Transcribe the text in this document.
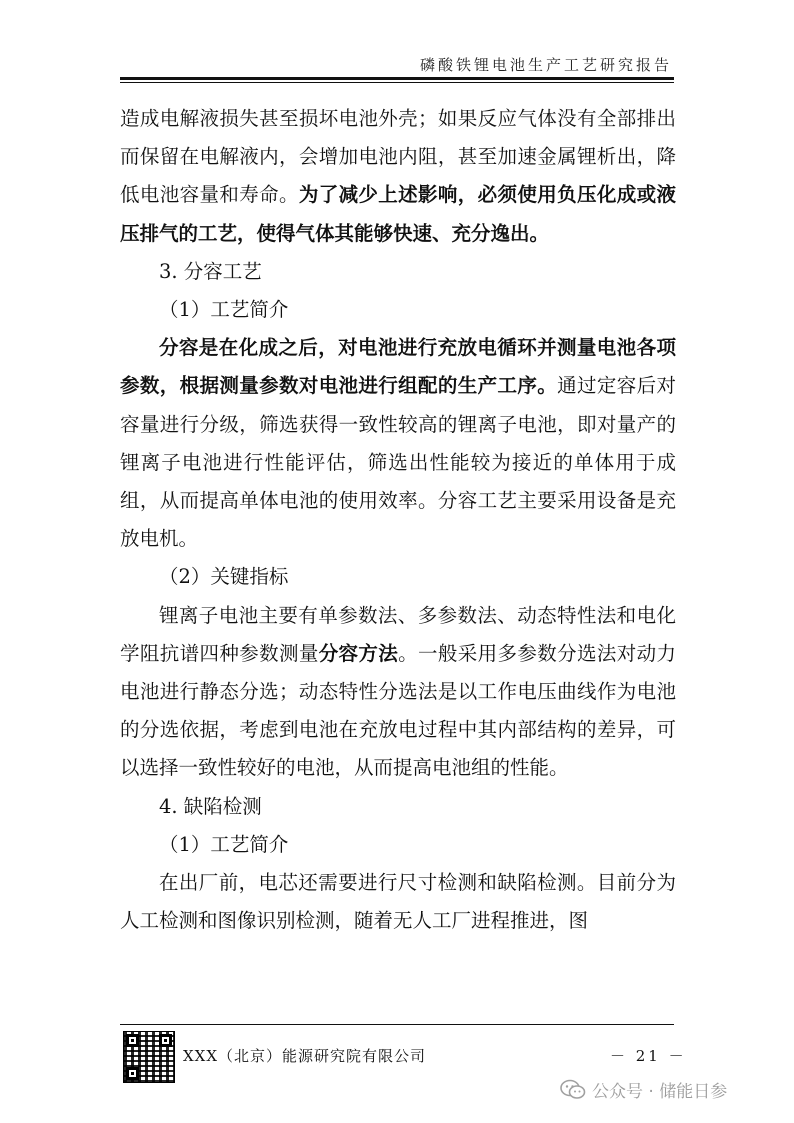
磷酸铁锂电池生产工艺研究报告

造成电解液损失甚至损坏电池外壳；如果反应气体没有全部排出而保留在电解液内，会增加电池内阻，甚至加速金属锂析出，降低电池容量和寿命。为了减少上述影响，必须使用负压化成或液压排气的工艺，使得气体其能够快速、充分逸出。

3. 分容工艺

（1）工艺简介

分容是在化成之后，对电池进行充放电循环并测量电池各项参数，根据测量参数对电池进行组配的生产工序。通过定容后对容量进行分级，筛选获得一致性较高的锂离子电池，即对量产的锂离子电池进行性能评估，筛选出性能较为接近的单体用于成组，从而提高单体电池的使用效率。分容工艺主要采用设备是充放电机。

（2）关键指标

锂离子电池主要有单参数法、多参数法、动态特性法和电化学阻抗谱四种参数测量分容方法。一般采用多参数分选法对动力电池进行静态分选；动态特性分选法是以工作电压曲线作为电池的分选依据，考虑到电池在充放电过程中其内部结构的差异，可以选择一致性较好的电池，从而提高电池组的性能。

4. 缺陷检测

（1）工艺简介

在出厂前，电芯还需要进行尺寸检测和缺陷检测。目前分为人工检测和图像识别检测，随着无人工厂进程推进，图

XXX（北京）能源研究院有限公司	－ 21 －
公众号 · 储能日参
